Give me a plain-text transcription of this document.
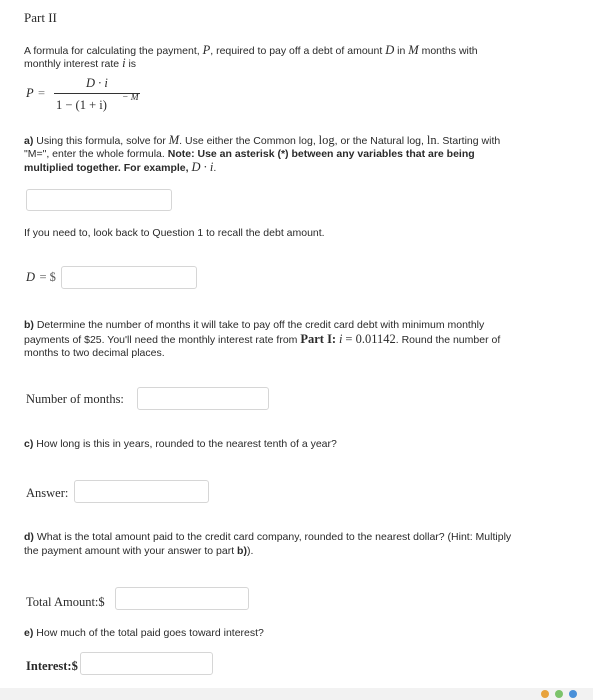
Part II
A formula for calculating the payment, P, required to pay off a debt of amount D in M months with
monthly interest rate i is
P =
D · i
1 − (1 + i) − M
a) Using this formula, solve for M. Use either the Common log, log, or the Natural log, ln. Starting with
"M=", enter the whole formula. Note: Use an asterisk (*) between any variables that are being
multiplied together. For example, D · i.
If you need to, look back to Question 1 to recall the debt amount.
D = $
b) Determine the number of months it will take to pay off the credit card debt with minimum monthly
payments of $25. You'll need the monthly interest rate from Part I: i = 0.01142. Round the number of
months to two decimal places.
Number of months:
c) How long is this in years, rounded to the nearest tenth of a year?
Answer:
d) What is the total amount paid to the credit card company, rounded to the nearest dollar? (Hint: Multiply
the payment amount with your answer to part b)).
Total Amount:$
e) How much of the total paid goes toward interest?
Interest:$
